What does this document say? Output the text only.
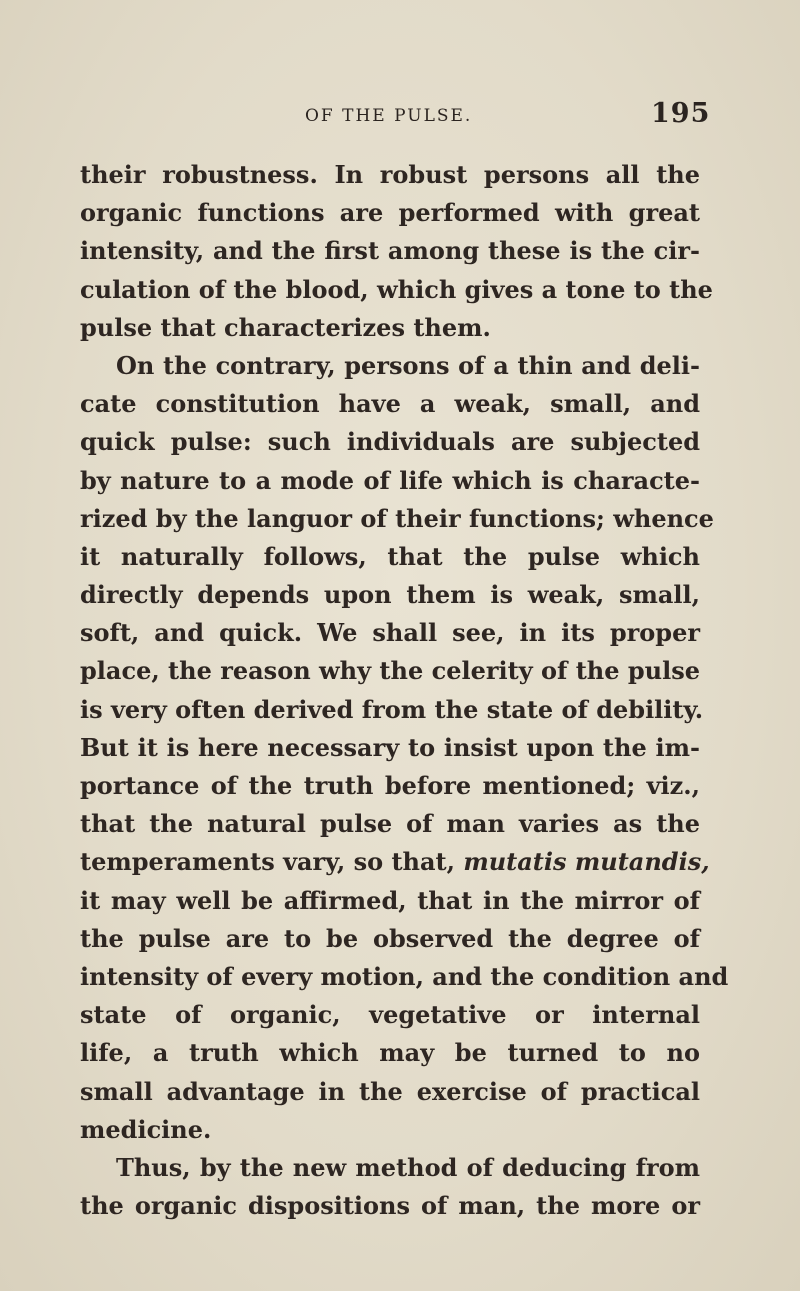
OF THE PULSE.	195
their robustness. In robust persons all the
organic functions are performed with great
intensity, and the first among these is the cir-
culation of the blood, which gives a tone to the
pulse that characterizes them.
On the contrary, persons of a thin and deli-
cate constitution have a weak, small, and
quick pulse: such individuals are subjected
by nature to a mode of life which is characte-
rized by the languor of their functions; whence
it naturally follows, that the pulse which
directly depends upon them is weak, small,
soft, and quick. We shall see, in its proper
place, the reason why the celerity of the pulse
is very often derived from the state of debility.
But it is here necessary to insist upon the im-
portance of the truth before mentioned; viz.,
that the natural pulse of man varies as the
temperaments vary, so that, mutatis mutandis,
it may well be affirmed, that in the mirror of
the pulse are to be observed the degree of
intensity of every motion, and the condition and
state of organic, vegetative or internal
life, a truth which may be turned to no
small advantage in the exercise of practical
medicine.
Thus, by the new method of deducing from
the organic dispositions of man, the more or
